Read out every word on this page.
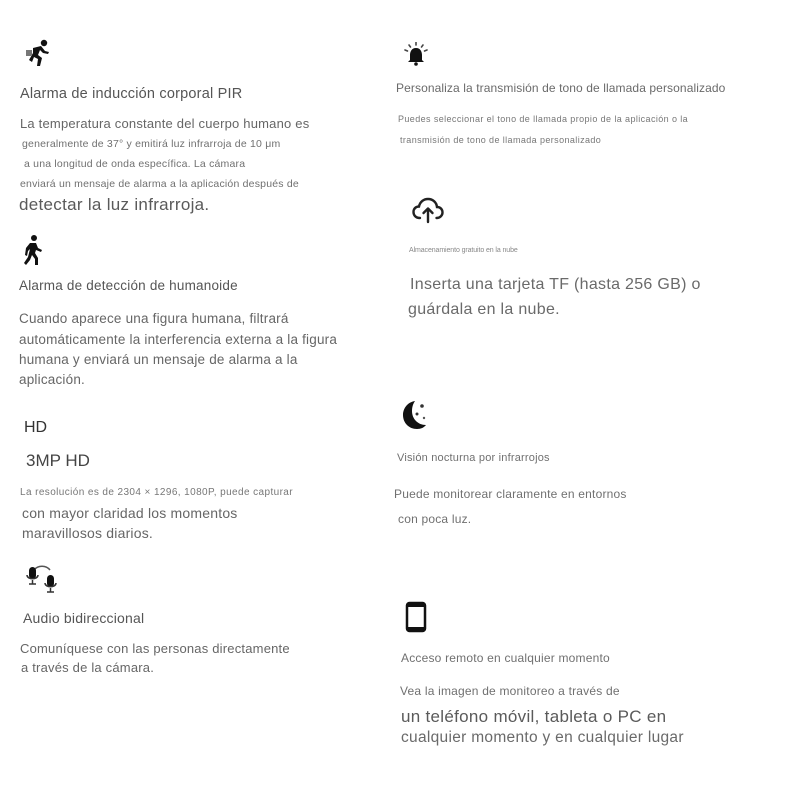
Alarma de inducción corporal PIR
La temperatura constante del cuerpo humano es
generalmente de 37° y emitirá luz infrarroja de 10 μm
a una longitud de onda específica. La cámara
enviará un mensaje de alarma a la aplicación después de
detectar la luz infrarroja.
Personaliza la transmisión de tono de llamada personalizado
Puedes seleccionar el tono de llamada propio de la aplicación o la
transmisión de tono de llamada personalizado
Almacenamiento gratuito en la nube
Inserta una tarjeta TF (hasta 256 GB) o
guárdala en la nube.
Alarma de detección de humanoide
Cuando aparece una figura humana, filtrará
automáticamente la interferencia externa a la figura
humana y enviará un mensaje de alarma a la
aplicación.
HD
3MP HD
La resolución es de 2304 × 1296, 1080P, puede capturar
con mayor claridad los momentos
maravillosos diarios.
Visión nocturna por infrarrojos
Puede monitorear claramente en entornos
con poca luz.
Audio bidireccional
Comuníquese con las personas directamente
a través de la cámara.
Acceso remoto en cualquier momento
Vea la imagen de monitoreo a través de
un teléfono móvil, tableta o PC en
cualquier momento y en cualquier lugar
